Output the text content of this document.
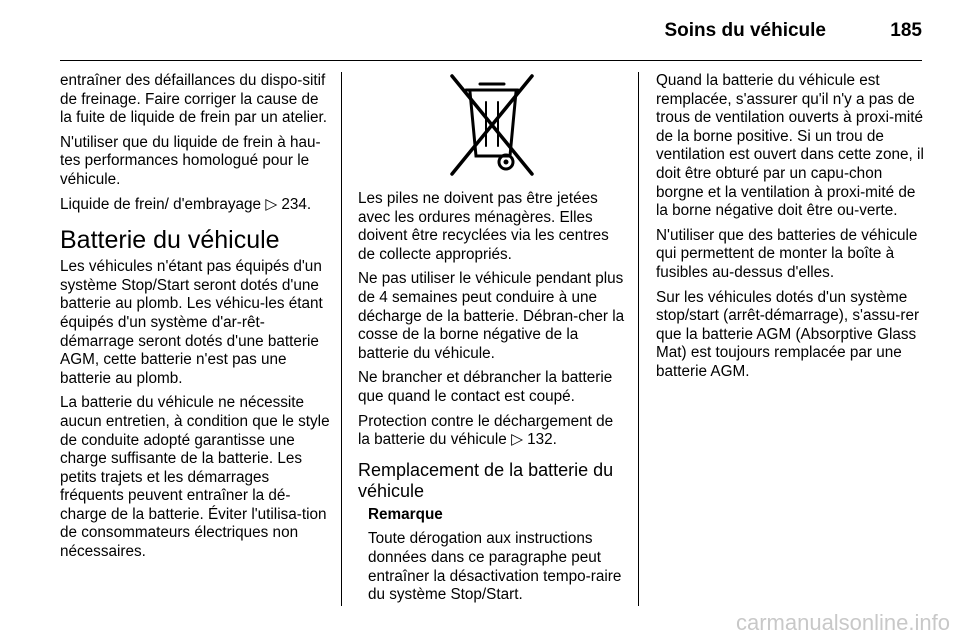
Soins du véhicule	185

entraîner des défaillances du dispo-sitif de freinage. Faire corriger la cause de la fuite de liquide de frein par un atelier.

N'utiliser que du liquide de frein à hau-tes performances homologué pour le véhicule.

Liquide de frein/ d'embrayage ▷ 234.

Batterie du véhicule

Les véhicules n'étant pas équipés d'un système Stop/Start seront dotés d'une batterie au plomb. Les véhicu-les étant équipés d'un système d'ar-rêt-démarrage seront dotés d'une batterie AGM, cette batterie n'est pas une batterie au plomb.

La batterie du véhicule ne nécessite aucun entretien, à condition que le style de conduite adopté garantisse une charge suffisante de la batterie. Les petits trajets et les démarrages fréquents peuvent entraîner la dé-charge de la batterie. Éviter l'utilisa-tion de consommateurs électriques non nécessaires.

Les piles ne doivent pas être jetées avec les ordures ménagères. Elles doivent être recyclées via les centres de collecte appropriés.

Ne pas utiliser le véhicule pendant plus de 4 semaines peut conduire à une décharge de la batterie. Débran-cher la cosse de la borne négative de la batterie du véhicule.

Ne brancher et débrancher la batterie que quand le contact est coupé.

Protection contre le déchargement de la batterie du véhicule ▷ 132.

Remplacement de la batterie du véhicule

Remarque

Toute dérogation aux instructions données dans ce paragraphe peut entraîner la désactivation tempo-raire du système Stop/Start.

Quand la batterie du véhicule est remplacée, s'assurer qu'il n'y a pas de trous de ventilation ouverts à proxi-mité de la borne positive. Si un trou de ventilation est ouvert dans cette zone, il doit être obturé par un capu-chon borgne et la ventilation à proxi-mité de la borne négative doit être ou-verte.

N'utiliser que des batteries de véhicule qui permettent de monter la boîte à fusibles au-dessus d'elles.

Sur les véhicules dotés d'un système stop/start (arrêt-démarrage), s'assu-rer que la batterie AGM (Absorptive Glass Mat) est toujours remplacée par une batterie AGM.

carmanualsonline.info
